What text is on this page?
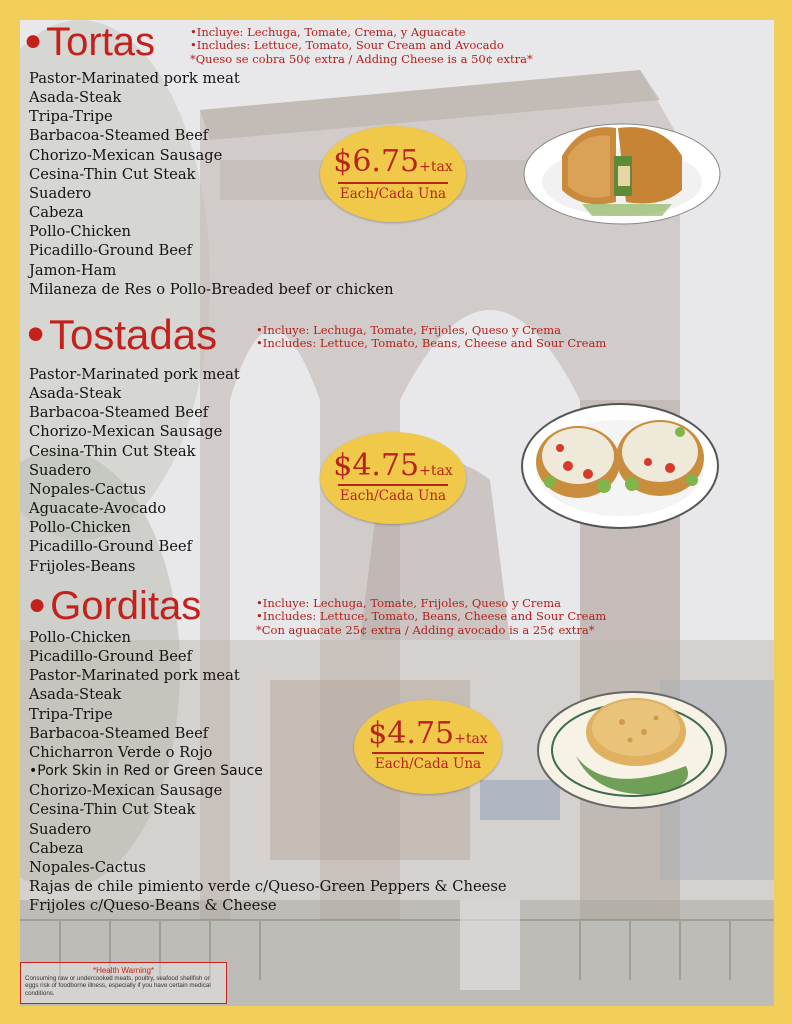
● Tortas	•Incluye: Lechuga, Tomate, Crema, y Aguacate
•Includes: Lettuce, Tomato, Sour Cream and Avocado
*Queso se cobra 50¢ extra / Adding Cheese is a 50¢ extra*
Pastor-Marinated pork meat
Asada-Steak
Tripa-Tripe
Barbacoa-Steamed Beef
Chorizo-Mexican Sausage
Cesina-Thin Cut Steak
Suadero
Cabeza
Pollo-Chicken
Picadillo-Ground Beef
Jamon-Ham
Milaneza de Res o Pollo-Breaded beef or chicken
$6.75+tax
Each/Cada Una
●Tostadas	•Incluye: Lechuga, Tomate, Frijoles, Queso y Crema
•Includes: Lettuce, Tomato, Beans, Cheese and Sour Cream
Pastor-Marinated pork meat
Asada-Steak
Barbacoa-Steamed Beef
Chorizo-Mexican Sausage
Cesina-Thin Cut Steak
Suadero
Nopales-Cactus
Aguacate-Avocado
Pollo-Chicken
Picadillo-Ground Beef
Frijoles-Beans
$4.75+tax
Each/Cada Una
● Gorditas	•Incluye: Lechuga, Tomate, Frijoles, Queso y Crema
•Includes: Lettuce, Tomato, Beans, Cheese and Sour Cream
*Con aguacate 25¢ extra / Adding avocado is a 25¢ extra*
Pollo-Chicken
Picadillo-Ground Beef
Pastor-Marinated pork meat
Asada-Steak
Tripa-Tripe
Barbacoa-Steamed Beef
Chicharron Verde o Rojo
•Pork Skin in Red or Green Sauce
Chorizo-Mexican Sausage
Cesina-Thin Cut Steak
Suadero
Cabeza
Nopales-Cactus
Rajas de chile pimiento verde c/Queso-Green Peppers & Cheese
Frijoles c/Queso-Beans & Cheese
$4.75+tax
Each/Cada Una
*Health Warning*
Consuming raw or undercooked meats, poultry, seafood shellfish or eggs risk of foodborne illness, especially if you have certain medical conditions.
